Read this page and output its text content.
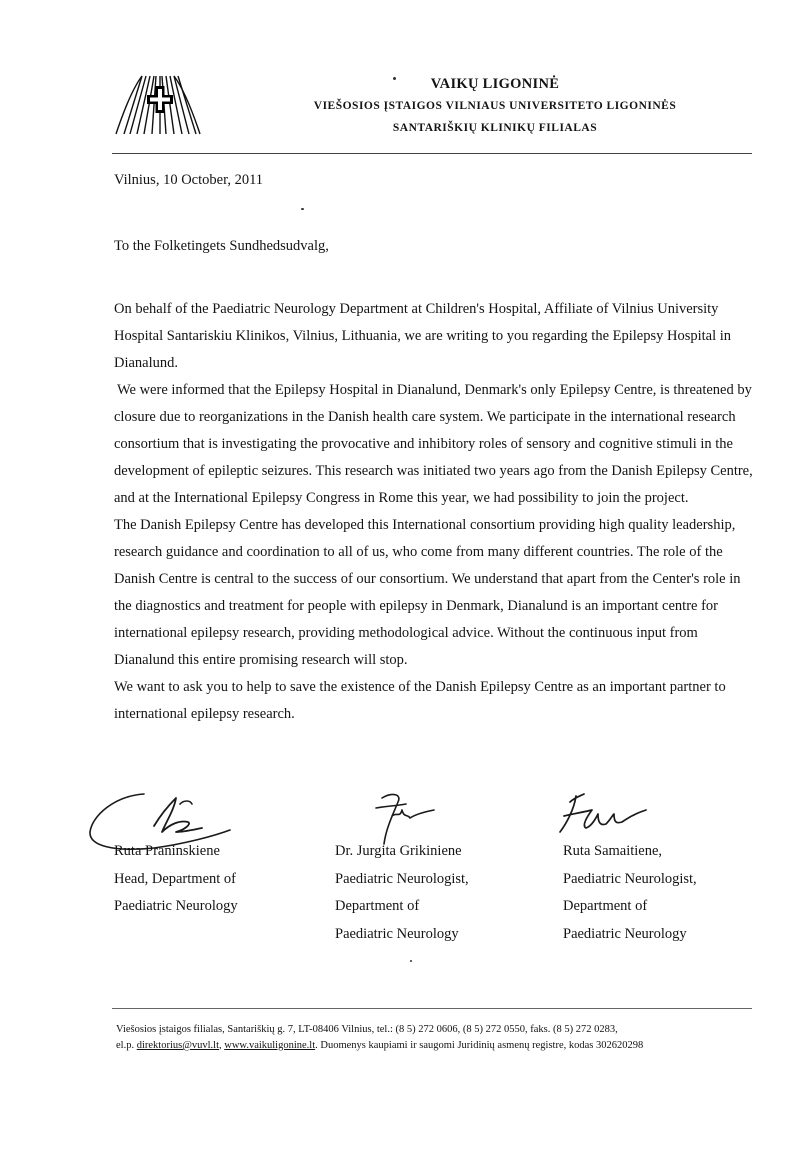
VAIKŲ LIGONINĖ
VIEŠOSIOS ĮSTAIGOS VILNIAUS UNIVERSITETO LIGONINĖS
SANTARIŠKIŲ KLINIKŲ FILIALAS
Vilnius, 10 October, 2011
To the Folketingets Sundhedsudvalg,

On behalf of the Paediatric Neurology Department at Children's Hospital, Affiliate of Vilnius University Hospital Santariskiu Klinikos, Vilnius, Lithuania, we are writing to you regarding the Epilepsy Hospital in Dianalund.

We were informed that the Epilepsy Hospital in Dianalund, Denmark's only Epilepsy Centre, is threatened by closure due to reorganizations in the Danish health care system. We participate in the international research consortium that is investigating the provocative and inhibitory roles of sensory and cognitive stimuli in the development of epileptic seizures. This research was initiated two years ago from the Danish Epilepsy Centre, and at the International Epilepsy Congress in Rome this year, we had possibility to join the project.

The Danish Epilepsy Centre has developed this International consortium providing high quality leadership, research guidance and coordination to all of us, who come from many different countries. The role of the Danish Centre is central to the success of our consortium. We understand that apart from the Center's role in the diagnostics and treatment for people with epilepsy in Denmark, Dianalund is an important centre for international epilepsy research, providing methodological advice. Without the continuous input from Dianalund this entire promising research will stop.

We want to ask you to help to save the existence of the Danish Epilepsy Centre as an important partner to international epilepsy research.

Ruta Praninskiene
Head, Department of
Paediatric Neurology
Dr. Jurgita Grikiniene
Paediatric Neurologist,
Department of
Paediatric Neurology
Ruta Samaitiene,
Paediatric Neurologist,
Department of
Paediatric Neurology
Viešosios įstaigos filialas, Santariškių g. 7, LT-08406 Vilnius, tel.: (8 5) 272 0606, (8 5) 272 0550, faks. (8 5) 272 0283,
el.p. direktorius@vuvl.lt, www.vaikuligonine.lt. Duomenys kaupiami ir saugomi Juridinių asmenų registre, kodas 302620298
